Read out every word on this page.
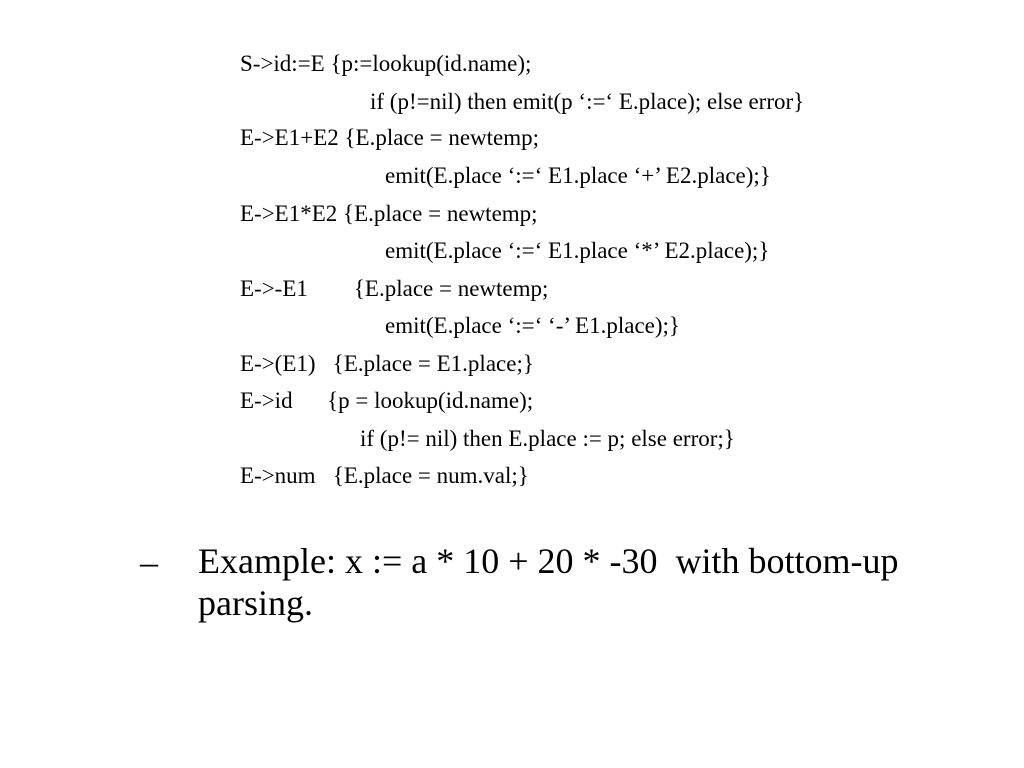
S->id:=E {p:=lookup(id.name);
if (p!=nil) then emit(p ‘:=‘ E.place); else error}
E->E1+E2 {E.place = newtemp;
emit(E.place ‘:=‘ E1.place ‘+’ E2.place);}
E->E1*E2 {E.place = newtemp;
emit(E.place ‘:=‘ E1.place ‘*’ E2.place);}
E->-E1        {E.place = newtemp;
emit(E.place ‘:=‘ ‘-’ E1.place);}
E->(E1)   {E.place = E1.place;}
E->id      {p = lookup(id.name);
if (p!= nil) then E.place := p; else error;}
E->num   {E.place = num.val;}
– Example: x := a * 10 + 20 * -30  with bottom-up parsing.
